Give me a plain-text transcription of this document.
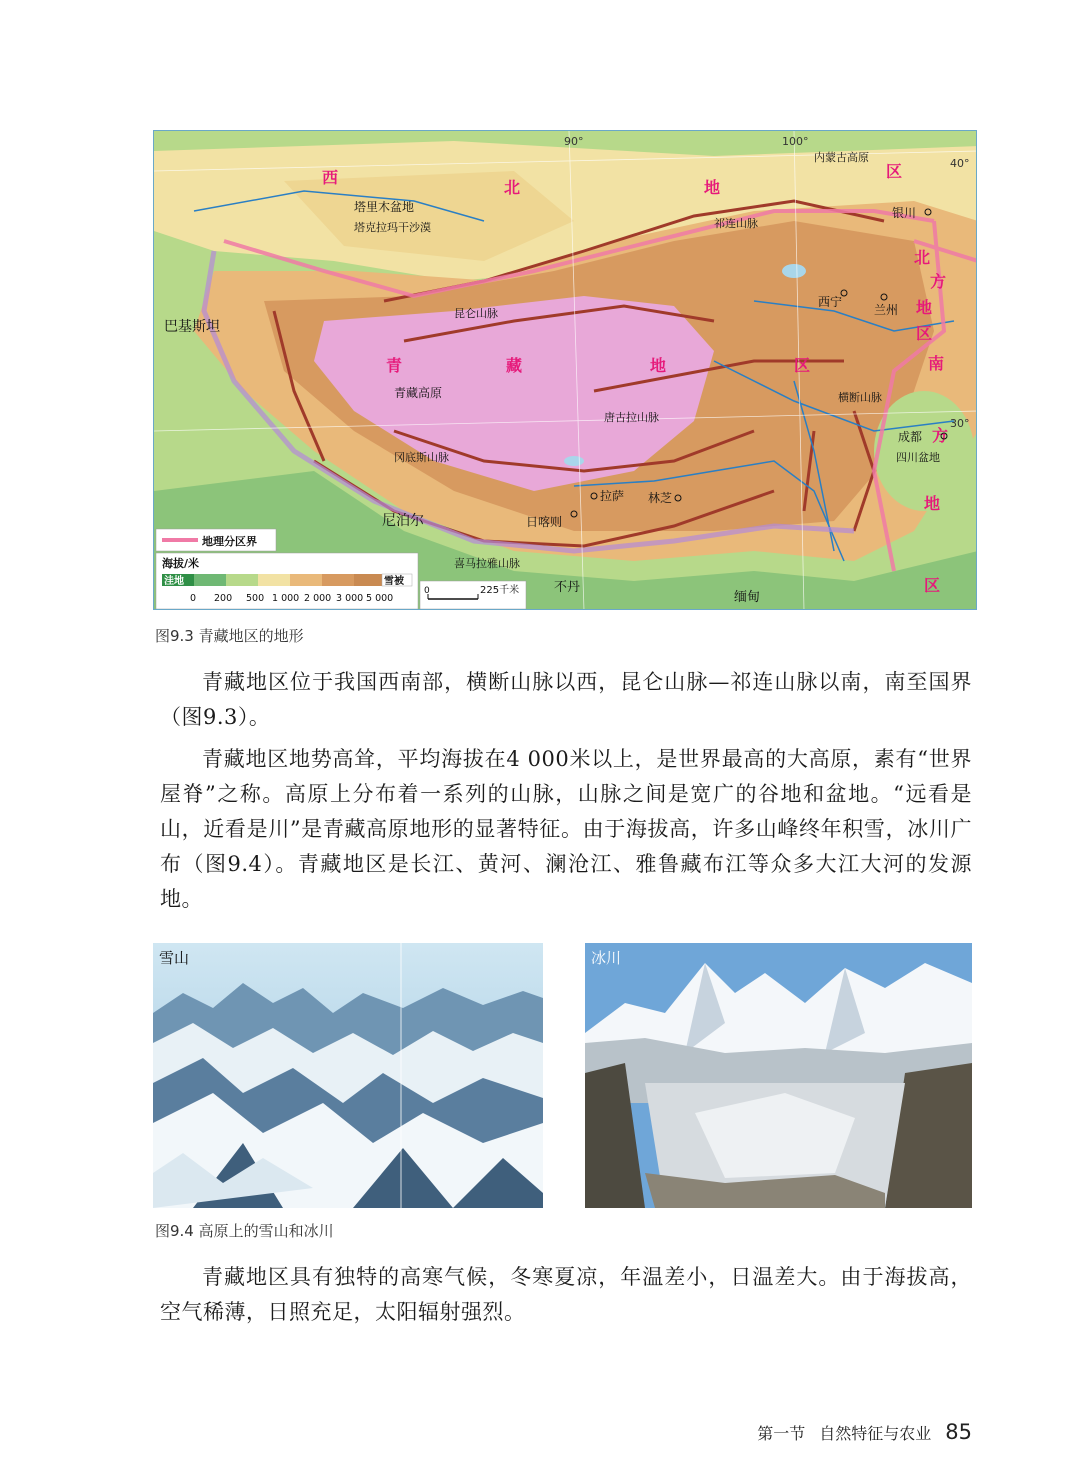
90°	100°
40°
30°
西
北	地
区
北
方
地
区
南
方
地
区
青	藏	地	区
银川
西宁
兰州
成都
拉萨 林芝
日喀则
昆仑山脉
祁连山脉
喜马拉雅山脉
唐古拉山脉
冈底斯山脉
横断山脉
青藏高原
塔里木盆地
塔克拉玛干沙漠
内蒙古高原
四川盆地
巴基斯坦
尼泊尔
不丹
缅甸
地理分区界
海拔/米
洼地	雪被
0 200 500 1 000 2 000 3 000 5 000
0	225千米
图9.3 青藏地区的地形
青藏地区位于我国西南部，横断山脉以西，昆仑山脉—祁连山脉以南，南至国界（图9.3）。
青藏地区地势高耸，平均海拔在4 000米以上，是世界最高的大高原，素有“世界屋脊”之称。高原上分布着一系列的山脉，山脉之间是宽广的谷地和盆地。“远看是山，近看是川”是青藏高原地形的显著特征。由于海拔高，许多山峰终年积雪，冰川广布（图9.4）。青藏地区是长江、黄河、澜沧江、雅鲁藏布江等众多大江大河的发源地。
雪山	冰川
图9.4 高原上的雪山和冰川
青藏地区具有独特的高寒气候，冬寒夏凉，年温差小，日温差大。由于海拔高，空气稀薄，日照充足，太阳辐射强烈。
第一节 自然特征与农业 85
